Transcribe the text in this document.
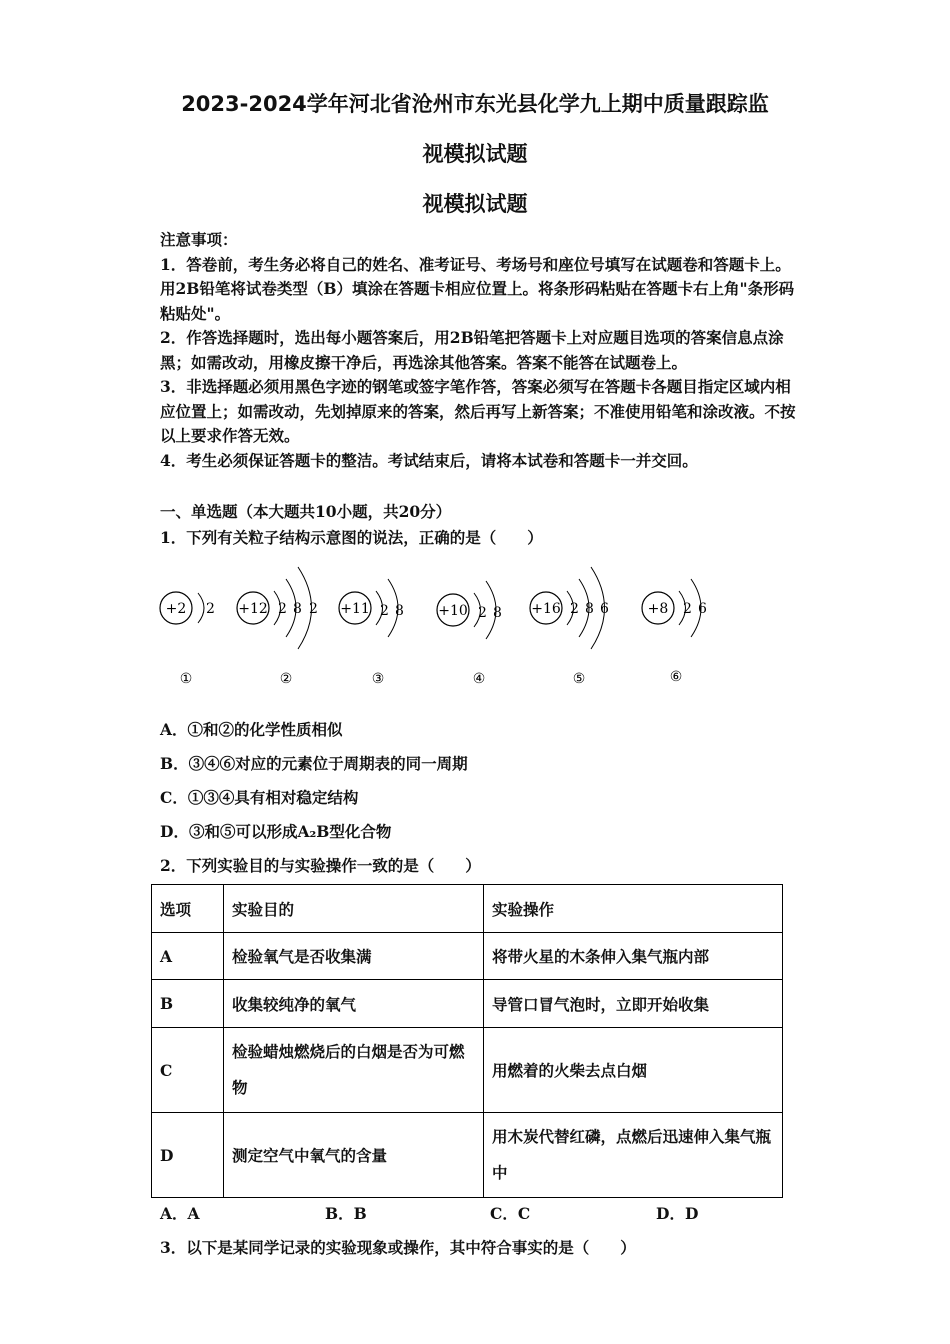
2023-2024学年河北省沧州市东光县化学九上期中质量跟踪监
视模拟试题
视模拟试题

注意事项：

1．答卷前，考生务必将自己的姓名、准考证号、考场号和座位号填写在试题卷和答题卡上。用2B铅笔将试卷类型（B）填涂在答题卡相应位置上。将条形码粘贴在答题卡右上角"条形码粘贴处"。

2．作答选择题时，选出每小题答案后，用2B铅笔把答题卡上对应题目选项的答案信息点涂黑；如需改动，用橡皮擦干净后，再选涂其他答案。答案不能答在试题卷上。

3．非选择题必须用黑色字迹的钢笔或签字笔作答，答案必须写在答题卡各题目指定区域内相应位置上；如需改动，先划掉原来的答案，然后再写上新答案；不准使用铅笔和涂改液。不按以上要求作答无效。

4．考生必须保证答题卡的整洁。考试结束后，请将本试卷和答题卡一并交回。

一、单选题（本大题共10小题，共20分）
1．下列有关粒子结构示意图的说法，正确的是（　　）
+2 2
①
+12 2 8 2
②
+11 2 8
③
+10 2 8
④
+16 2 8 6
⑤
+8 2 6
⑥
A．①和②的化学性质相似
B．③④⑥对应的元素位于周期表的同一周期
C．①③④具有相对稳定结构
D．③和⑤可以形成A₂B型化合物
2．下列实验目的与实验操作一致的是（　　）
选项	实验目的	实验操作
A	检验氧气是否收集满	将带火星的木条伸入集气瓶内部
B	收集较纯净的氧气	导管口冒气泡时，立即开始收集
C	检验蜡烛燃烧后的白烟是否为可燃物	用燃着的火柴去点白烟
D	测定空气中氧气的含量	用木炭代替红磷，点燃后迅速伸入集气瓶中
A．A	B．B	C．C	D．D
3．以下是某同学记录的实验现象或操作，其中符合事实的是（　　）
